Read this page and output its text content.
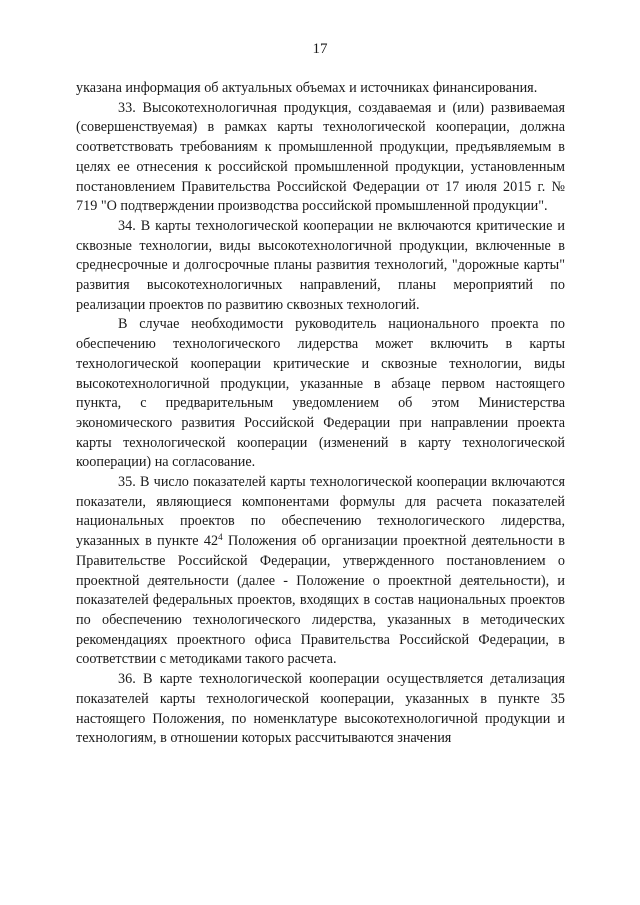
17

указана информация об актуальных объемах и источниках финансирования.

33. Высокотехнологичная продукция, создаваемая и (или) развиваемая (совершенствуемая) в рамках карты технологической кооперации, должна соответствовать требованиям к промышленной продукции, предъявляемым в целях ее отнесения к российской промышленной продукции, установленным постановлением Правительства Российской Федерации от 17 июля 2015 г. № 719 "О подтверждении производства российской промышленной продукции".

34. В карты технологической кооперации не включаются критические и сквозные технологии, виды высокотехнологичной продукции, включенные в среднесрочные и долгосрочные планы развития технологий, "дорожные карты" развития высокотехнологичных направлений, планы мероприятий по реализации проектов по развитию сквозных технологий.

В случае необходимости руководитель национального проекта по обеспечению технологического лидерства может включить в карты технологической кооперации критические и сквозные технологии, виды высокотехнологичной продукции, указанные в абзаце первом настоящего пункта, с предварительным уведомлением об этом Министерства экономического развития Российской Федерации при направлении проекта карты технологической кооперации (изменений в карту технологической кооперации) на согласование.

35. В число показателей карты технологической кооперации включаются показатели, являющиеся компонентами формулы для расчета показателей национальных проектов по обеспечению технологического лидерства, указанных в пункте $42^4$ Положения об организации проектной деятельности в Правительстве Российской Федерации, утвержденного постановлением о проектной деятельности (далее - Положение о проектной деятельности), и показателей федеральных проектов, входящих в состав национальных проектов по обеспечению технологического лидерства, указанных в методических рекомендациях проектного офиса Правительства Российской Федерации, в соответствии с методиками такого расчета.

36. В карте технологической кооперации осуществляется детализация показателей карты технологической кооперации, указанных в пункте 35 настоящего Положения, по номенклатуре высокотехнологичной продукции и технологиям, в отношении которых рассчитываются значения
